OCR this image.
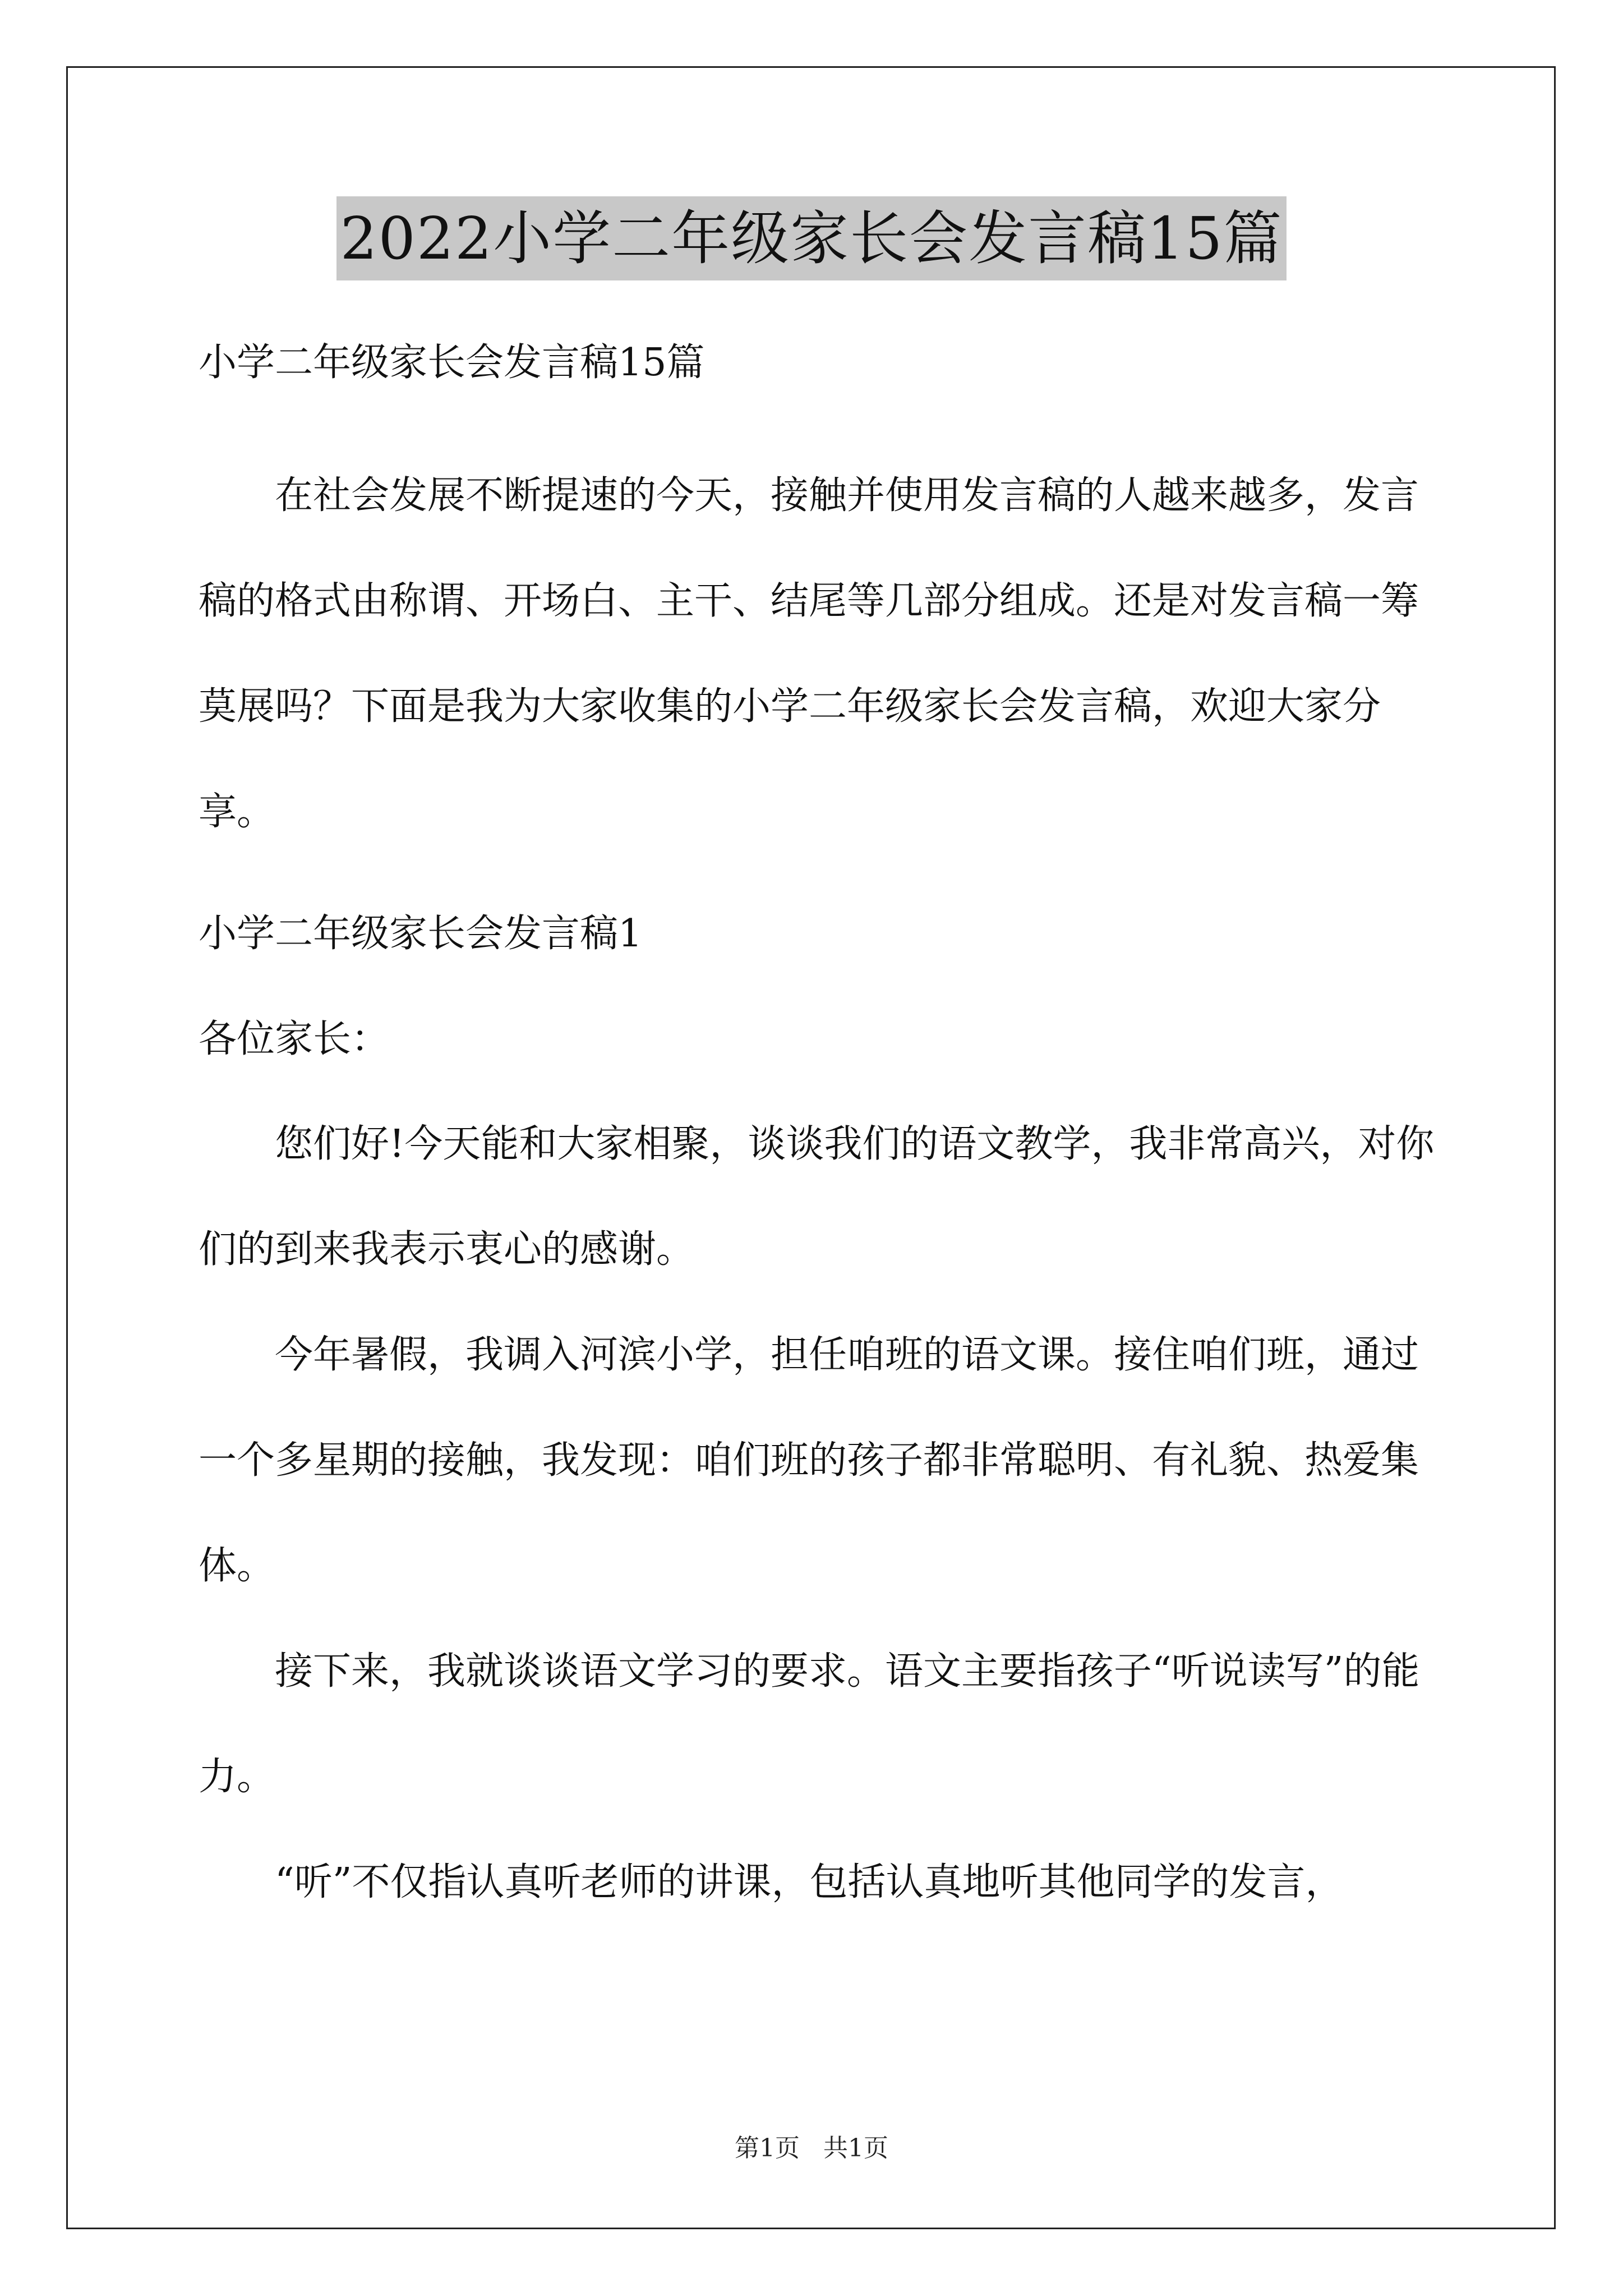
2022小学二年级家长会发言稿15篇

小学二年级家长会发言稿15篇

在社会发展不断提速的今天，接触并使用发言稿的人越来越多，发言稿的格式由称谓、开场白、主干、结尾等几部分组成。还是对发言稿一筹莫展吗？下面是我为大家收集的小学二年级家长会发言稿，欢迎大家分享。

小学二年级家长会发言稿1

各位家长：

您们好!今天能和大家相聚，谈谈我们的语文教学，我非常高兴，对你们的到来我表示衷心的感谢。

今年暑假，我调入河滨小学，担任咱班的语文课。接住咱们班，通过一个多星期的接触，我发现：咱们班的孩子都非常聪明、有礼貌、热爱集体。

接下来，我就谈谈语文学习的要求。语文主要指孩子“听说读写”的能力。

“听”不仅指认真听老师的讲课，包括认真地听其他同学的发言，

第1页 共1页
